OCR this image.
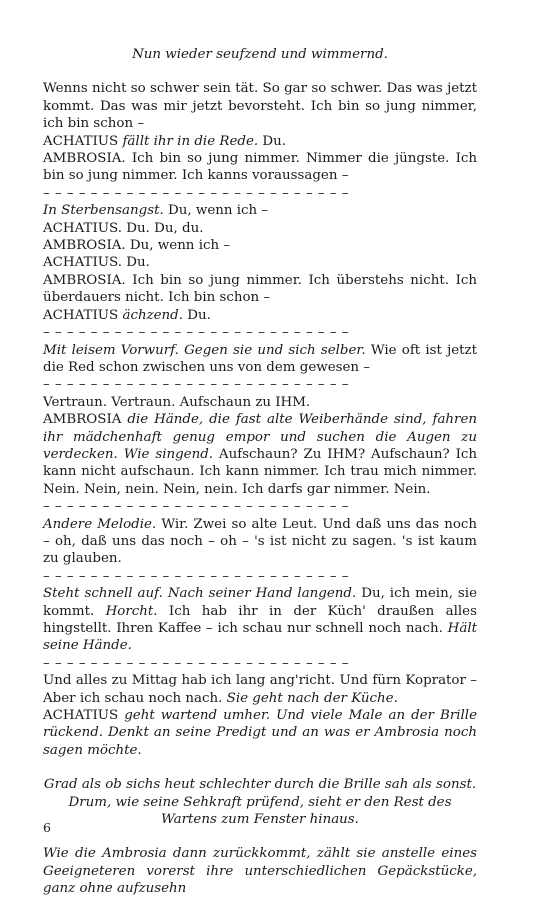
Nun wieder seufzend und wimmernd.

Wenns nicht so schwer sein tät. So gar so schwer. Das was jetzt kommt. Das was mir jetzt bevorsteht. Ich bin so jung nimmer, ich bin schon –

ACHATIUS fällt ihr in die Rede. Du.

AMBROSIA. Ich bin so jung nimmer. Nimmer die jüngste. Ich bin so jung nimmer. Ich kanns voraussagen –

– – – – – – – – – – – – – – – – – – – – – – – – – –

In Sterbensangst. Du, wenn ich –

ACHATIUS. Du. Du, du.

AMBROSIA. Du, wenn ich –

ACHATIUS. Du.

AMBROSIA. Ich bin so jung nimmer. Ich überstehs nicht. Ich überdauers nicht. Ich bin schon –

ACHATIUS ächzend. Du.

– – – – – – – – – – – – – – – – – – – – – – – – – –

Mit leisem Vorwurf. Gegen sie und sich selber. Wie oft ist jetzt die Red schon zwischen uns von dem gewesen –

– – – – – – – – – – – – – – – – – – – – – – – – – –

Vertraun. Vertraun. Aufschaun zu IHM.

AMBROSIA die Hände, die fast alte Weiberhände sind, fahren ihr mädchenhaft genug empor und suchen die Augen zu verdecken. Wie singend. Aufschaun? Zu IHM? Aufschaun? Ich kann nicht aufschaun. Ich kann nimmer. Ich trau mich nimmer. Nein. Nein, nein. Nein, nein. Ich darfs gar nimmer. Nein.

– – – – – – – – – – – – – – – – – – – – – – – – – –

Andere Melodie. Wir. Zwei so alte Leut. Und daß uns das noch – oh, daß uns das noch – oh – 's ist nicht zu sagen. 's ist kaum zu glauben.

– – – – – – – – – – – – – – – – – – – – – – – – – –

Steht schnell auf. Nach seiner Hand langend. Du, ich mein, sie kommt. Horcht. Ich hab ihr in der Küch' draußen alles hingstellt. Ihren Kaffee – ich schau nur schnell noch nach. Hält seine Hände.

– – – – – – – – – – – – – – – – – – – – – – – – – –

Und alles zu Mittag hab ich lang ang'richt. Und fürn Koprator – Aber ich schau noch nach. Sie geht nach der Küche.

ACHATIUS geht wartend umher. Und viele Male an der Brille rückend. Denkt an seine Predigt und an was er Ambrosia noch sagen möchte.

Grad als ob sichs heut schlechter durch die Brille sah als sonst. Drum, wie seine Sehkraft prüfend, sieht er den Rest des Wartens zum Fenster hinaus.

Wie die Ambrosia dann zurückkommt, zählt sie anstelle eines Geeigneteren vorerst ihre unterschiedlichen Gepäckstücke, ganz ohne aufzusehn

6
